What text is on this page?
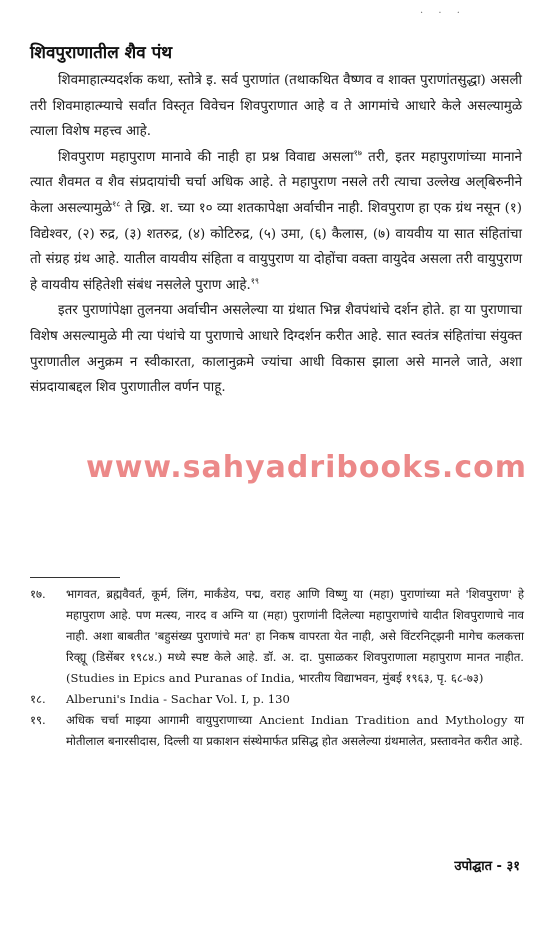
· · ·
शिवपुराणातील शैव पंथ

शिवमाहात्म्यदर्शक कथा, स्तोत्रे इ. सर्व पुराणांत (तथाकथित वैष्णव व शाक्त पुराणांतसुद्धा) असली तरी शिवमाहात्म्याचे सर्वांत विस्तृत विवेचन शिवपुराणात आहे व ते आगमांचे आधारे केले असल्यामुळे त्याला विशेष महत्त्व आहे.

शिवपुराण महापुराण मानावे की नाही हा प्रश्न विवाद्य असला$^{१७}$ तरी, इतर महापुराणांच्या मानाने त्यात शैवमत व शैव संप्रदायांची चर्चा अधिक आहे. ते महापुराण नसले तरी त्याचा उल्लेख अल्‌बिरुनीने केला असल्यामुळे$^{१८}$ ते ख्रि. श. च्या १० व्या शतकापेक्षा अर्वाचीन नाही. शिवपुराण हा एक ग्रंथ नसून (१) विद्येश्वर, (२) रुद्र, (३) शतरुद्र, (४) कोटिरुद्र, (५) उमा, (६) कैलास, (७) वायवीय या सात संहितांचा तो संग्रह ग्रंथ आहे. यातील वायवीय संहिता व वायुपुराण या दोहोंचा वक्ता वायुदेव असला तरी वायुपुराण हे वायवीय संहितेशी संबंध नसलेले पुराण आहे.$^{१९}$

इतर पुराणांपेक्षा तुलनया अर्वाचीन असलेल्या या ग्रंथात भिन्न शैवपंथांचे दर्शन होते. हा या पुराणाचा विशेष असल्यामुळे मी त्या पंथांचे या पुराणाचे आधारे दिग्दर्शन करीत आहे. सात स्वतंत्र संहितांचा संयुक्त पुराणातील अनुक्रम न स्वीकारता, कालानुक्रमे ज्यांचा आधी विकास झाला असे मानले जाते, अशा संप्रदायाबद्दल शिव पुराणातील वर्णन पाहू.

www.sahyadribooks.com
१७.	भागवत, ब्रह्मवैवर्त, कूर्म, लिंग, मार्कंडेय, पद्म, वराह आणि विष्णु या (महा) पुराणांच्या मते 'शिवपुराण' हे महापुराण आहे. पण मत्स्य, नारद व अग्नि या (महा) पुराणांनी दिलेल्या महापुराणांचे यादीत शिवपुराणाचे नाव नाही. अशा बाबतीत 'बहुसंख्य पुराणांचे मत' हा निकष वापरता येत नाही, असे विंटरनिट्झनी मागेच कलकत्ता रिव्ह्यू (डिसेंबर १९८४.) मध्ये स्पष्ट केले आहे. डॉ. अ. दा. पुसाळकर शिवपुराणाला महापुराण मानत नाहीत. (Studies in Epics and Puranas of India, भारतीय विद्याभवन, मुंबई १९६३, पृ. ६८-७३)
१८.	Alberuni's India - Sachar Vol. I, p. 130
१९.	अधिक चर्चा माझ्या आगामी वायुपुराणाच्या Ancient Indian Tradition and Mythology या मोतीलाल बनारसीदास, दिल्ली या प्रकाशन संस्थेमार्फत प्रसिद्ध होत असलेल्या ग्रंथमालेत, प्रस्तावनेत करीत आहे.
उपोद्घात - ३१
